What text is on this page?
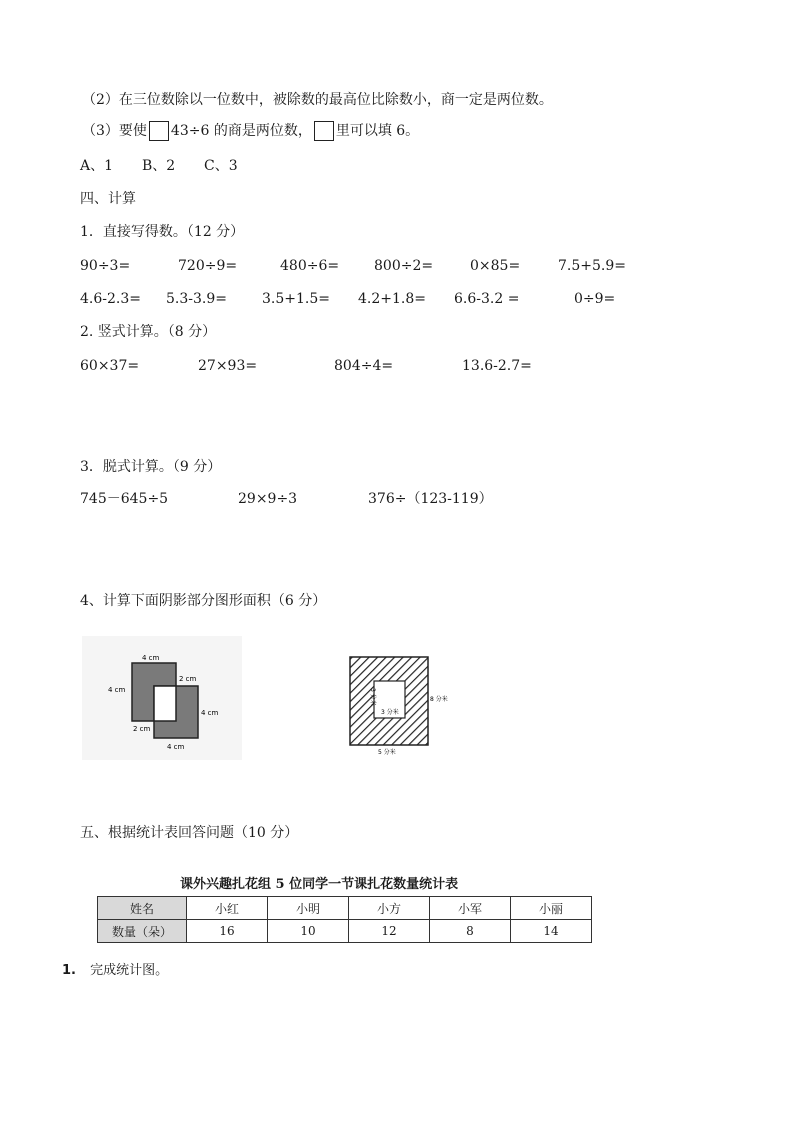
（2）在三位数除以一位数中，被除数的最高位比除数小，商一定是两位数。
（3）要使 43÷6 的商是两位数， 里可以填 6。
A、1 B、2 C、3
四、计算
1．直接写得数。（12 分）
90÷3=	720÷9=	480÷6= 800÷2=	0×85=	7.5+5.9=
4.6-2.3= 5.3-3.9=	3.5+1.5= 4.2+1.8= 6.6-3.2 =	0÷9=
2. 竖式计算。（8 分）
60×37=	27×93=	804÷4=	13.6-2.7=
3．脱式计算。（9 分）
745－645÷5	29×9÷3	376÷（123-119）
4、计算下面阴影部分图形面积（6 分）
4 cm
4 cm
2 cm
2 cm
4 cm
4 cm
3 分米
3 分米	8 分米
5 分米
五、根据统计表回答问题（10 分）
课外兴趣扎花组 5 位同学一节课扎花数量统计表
姓名	小红	小明	小方	小军	小丽
数量（朵）	16	10	12	8	14
1. 完成统计图。
